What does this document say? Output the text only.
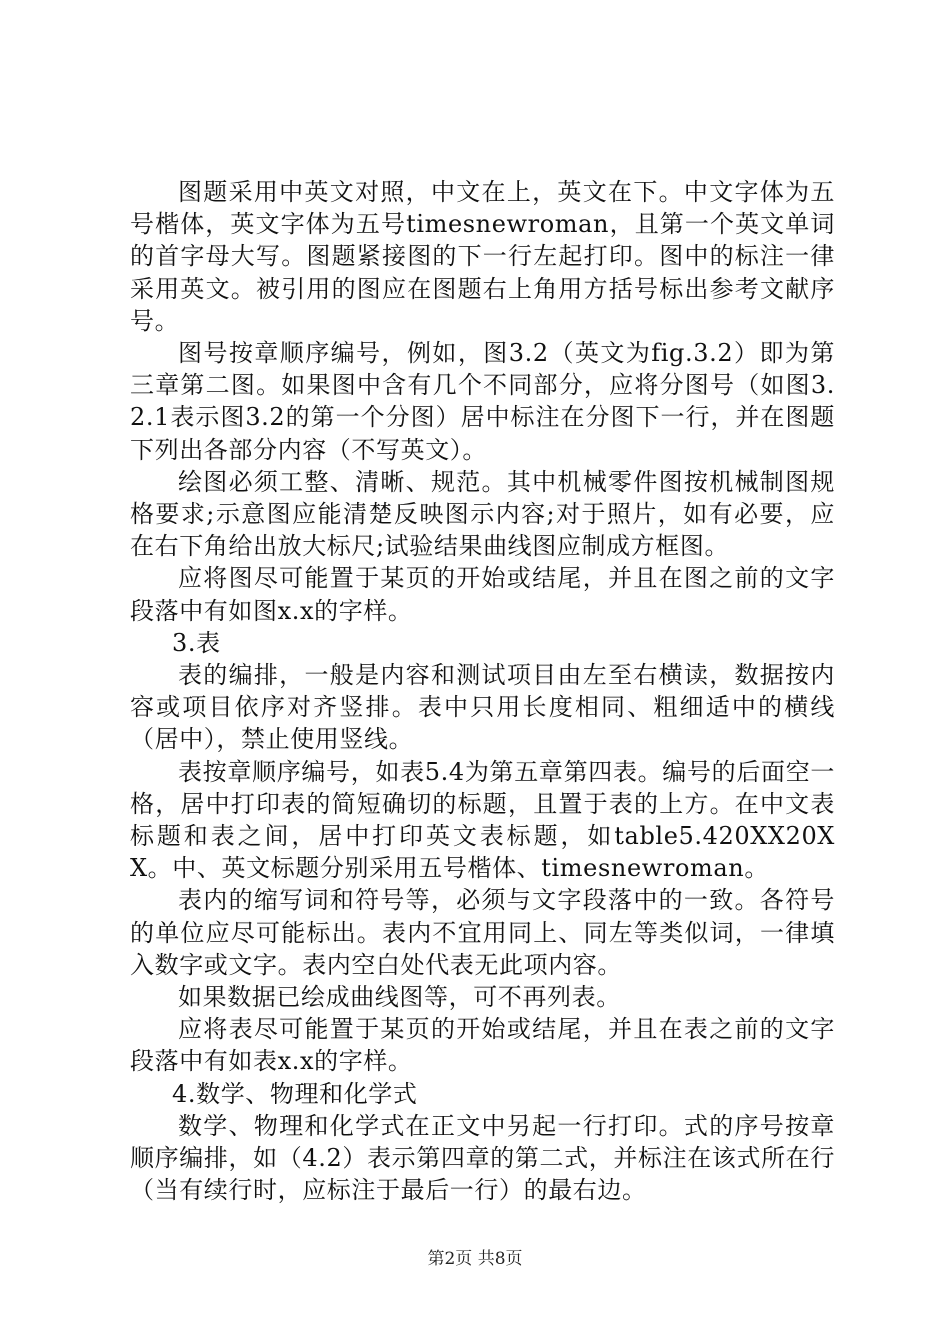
图题采用中英文对照，中文在上，英文在下。中文字体为五号楷体，英文字体为五号timesnewroman，且第一个英文单词的首字母大写。图题紧接图的下一行左起打印。图中的标注一律采用英文。被引用的图应在图题右上角用方括号标出参考文献序号。

图号按章顺序编号，例如，图3.2（英文为fig.3.2）即为第三章第二图。如果图中含有几个不同部分，应将分图号（如图3.2.1表示图3.2的第一个分图）居中标注在分图下一行，并在图题下列出各部分内容（不写英文）。

绘图必须工整、清晰、规范。其中机械零件图按机械制图规格要求;示意图应能清楚反映图示内容;对于照片，如有必要，应在右下角给出放大标尺;试验结果曲线图应制成方框图。

应将图尽可能置于某页的开始或结尾，并且在图之前的文字段落中有如图x.x的字样。

3.表

表的编排，一般是内容和测试项目由左至右横读，数据按内容或项目依序对齐竖排。表中只用长度相同、粗细适中的横线（居中），禁止使用竖线。

表按章顺序编号，如表5.4为第五章第四表。编号的后面空一格，居中打印表的简短确切的标题，且置于表的上方。在中文表标题和表之间，居中打印英文表标题，如table5.420XX20XX。中、英文标题分别采用五号楷体、timesnewroman。

表内的缩写词和符号等，必须与文字段落中的一致。各符号的单位应尽可能标出。表内不宜用同上、同左等类似词，一律填入数字或文字。表内空白处代表无此项内容。

如果数据已绘成曲线图等，可不再列表。

应将表尽可能置于某页的开始或结尾，并且在表之前的文字段落中有如表x.x的字样。

4.数学、物理和化学式

数学、物理和化学式在正文中另起一行打印。式的序号按章顺序编排，如（4.2）表示第四章的第二式，并标注在该式所在行（当有续行时，应标注于最后一行）的最右边。

第2页 共8页
